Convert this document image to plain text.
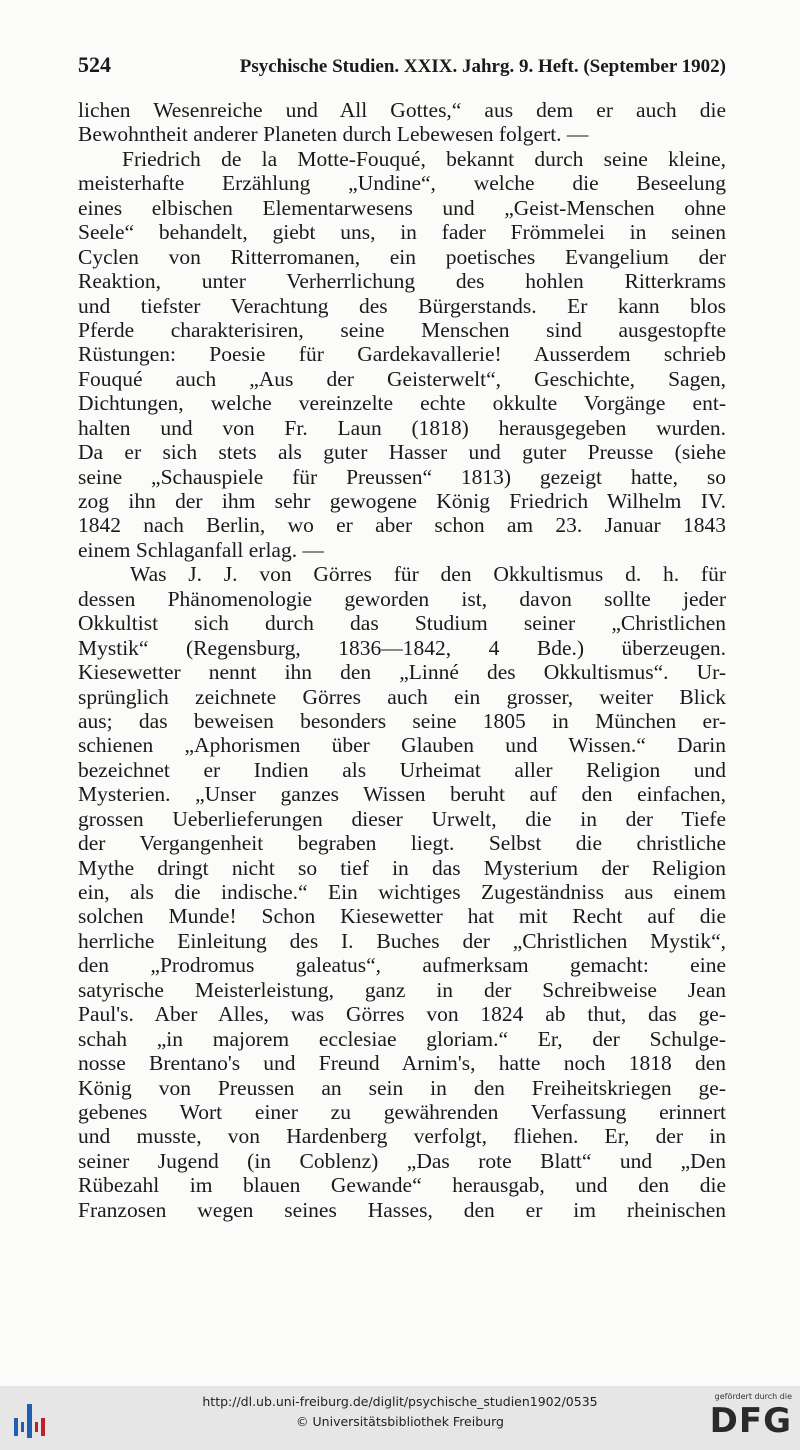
524	Psychische Studien. XXIX. Jahrg. 9. Heft. (September 1902)
lichen Wesenreiche und All Gottes,“ aus dem er auch die
Bewohntheit anderer Planeten durch Lebewesen folgert. —
Friedrich de la Motte-Fouqué, bekannt durch seine kleine,
meisterhafte Erzählung „Undine“, welche die Beseelung
eines elbischen Elementarwesens und „Geist-Menschen ohne
Seele“ behandelt, giebt uns, in fader Frömmelei in seinen
Cyclen von Ritterromanen, ein poetisches Evangelium der
Reaktion, unter Verherrlichung des hohlen Ritterkrams
und tiefster Verachtung des Bürgerstands. Er kann blos
Pferde charakterisiren, seine Menschen sind ausgestopfte
Rüstungen: Poesie für Gardekavallerie! Ausserdem schrieb
Fouqué auch „Aus der Geisterwelt“, Geschichte, Sagen,
Dichtungen, welche vereinzelte echte okkulte Vorgänge ent-
halten und von Fr. Laun (1818) herausgegeben wurden.
Da er sich stets als guter Hasser und guter Preusse (siehe
seine „Schauspiele für Preussen“ 1813) gezeigt hatte, so
zog ihn der ihm sehr gewogene König Friedrich Wilhelm IV.
1842 nach Berlin, wo er aber schon am 23. Januar 1843
einem Schlaganfall erlag. —
Was J. J. von Görres für den Okkultismus d. h. für
dessen Phänomenologie geworden ist, davon sollte jeder
Okkultist sich durch das Studium seiner „Christlichen
Mystik“ (Regensburg, 1836—1842, 4 Bde.) überzeugen.
Kiesewetter nennt ihn den „Linné des Okkultismus“. Ur-
sprünglich zeichnete Görres auch ein grosser, weiter Blick
aus; das beweisen besonders seine 1805 in München er-
schienen „Aphorismen über Glauben und Wissen.“ Darin
bezeichnet er Indien als Urheimat aller Religion und
Mysterien. „Unser ganzes Wissen beruht auf den einfachen,
grossen Ueberlieferungen dieser Urwelt, die in der Tiefe
der Vergangenheit begraben liegt. Selbst die christliche
Mythe dringt nicht so tief in das Mysterium der Religion
ein, als die indische.“ Ein wichtiges Zugeständniss aus einem
solchen Munde! Schon Kiesewetter hat mit Recht auf die
herrliche Einleitung des I. Buches der „Christlichen Mystik“,
den „Prodromus galeatus“, aufmerksam gemacht: eine
satyrische Meisterleistung, ganz in der Schreibweise Jean
Paul's. Aber Alles, was Görres von 1824 ab thut, das ge-
schah „in majorem ecclesiae gloriam.“ Er, der Schulge-
nosse Brentano's und Freund Arnim's, hatte noch 1818 den
König von Preussen an sein in den Freiheitskriegen ge-
gebenes Wort einer zu gewährenden Verfassung erinnert
und musste, von Hardenberg verfolgt, fliehen. Er, der in
seiner Jugend (in Coblenz) „Das rote Blatt“ und „Den
Rübezahl im blauen Gewande“ herausgab, und den die
Franzosen wegen seines Hasses, den er im rheinischen
http://dl.ub.uni-freiburg.de/diglit/psychische_studien1902/0535
© Universitätsbibliothek Freiburg
gefördert durch die
DFG
